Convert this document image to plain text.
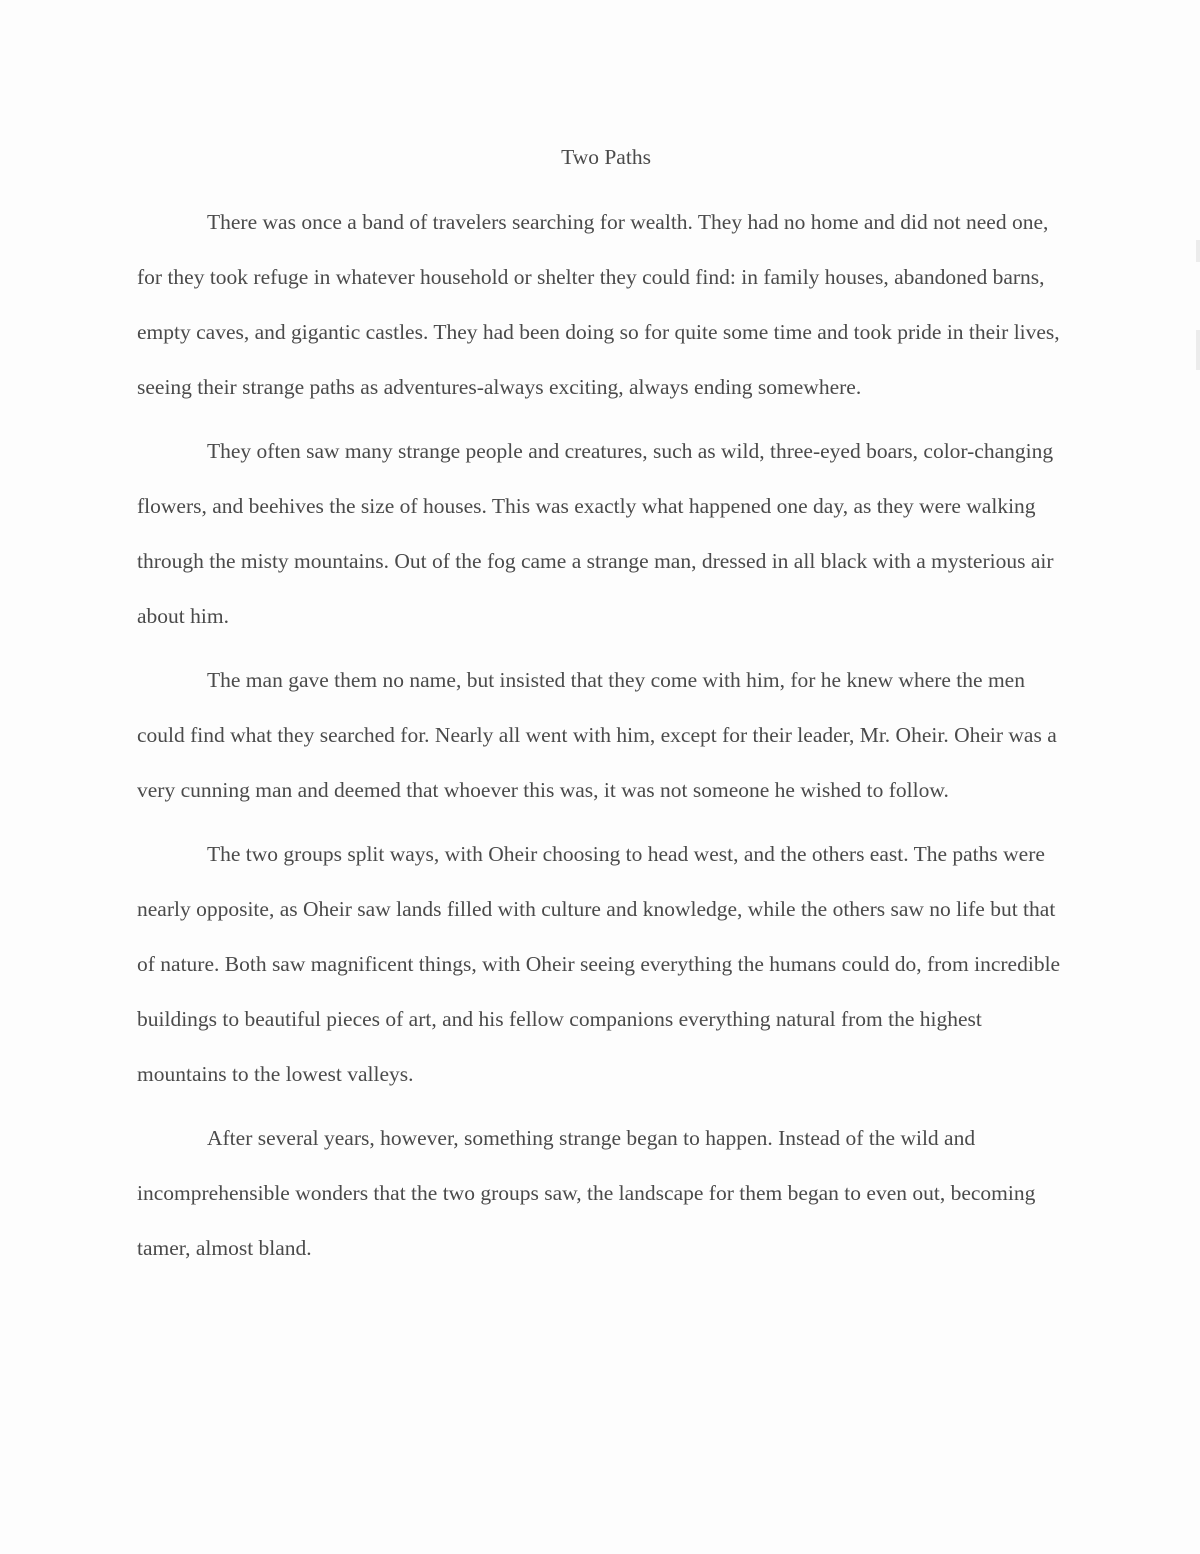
Two Paths

There was once a band of travelers searching for wealth. They had no home and did not need one, for they took refuge in whatever household or shelter they could find: in family houses, abandoned barns, empty caves, and gigantic castles. They had been doing so for quite some time and took pride in their lives, seeing their strange paths as adventures-always exciting, always ending somewhere.

They often saw many strange people and creatures, such as wild, three-eyed boars, color-changing flowers, and beehives the size of houses. This was exactly what happened one day, as they were walking through the misty mountains. Out of the fog came a strange man, dressed in all black with a mysterious air about him.

The man gave them no name, but insisted that they come with him, for he knew where the men could find what they searched for. Nearly all went with him, except for their leader, Mr. Oheir. Oheir was a very cunning man and deemed that whoever this was, it was not someone he wished to follow.

The two groups split ways, with Oheir choosing to head west, and the others east. The paths were nearly opposite, as Oheir saw lands filled with culture and knowledge, while the others saw no life but that of nature. Both saw magnificent things, with Oheir seeing everything the humans could do, from incredible buildings to beautiful pieces of art, and his fellow companions everything natural from the highest mountains to the lowest valleys.

After several years, however, something strange began to happen. Instead of the wild and incomprehensible wonders that the two groups saw, the landscape for them began to even out, becoming tamer, almost bland.
